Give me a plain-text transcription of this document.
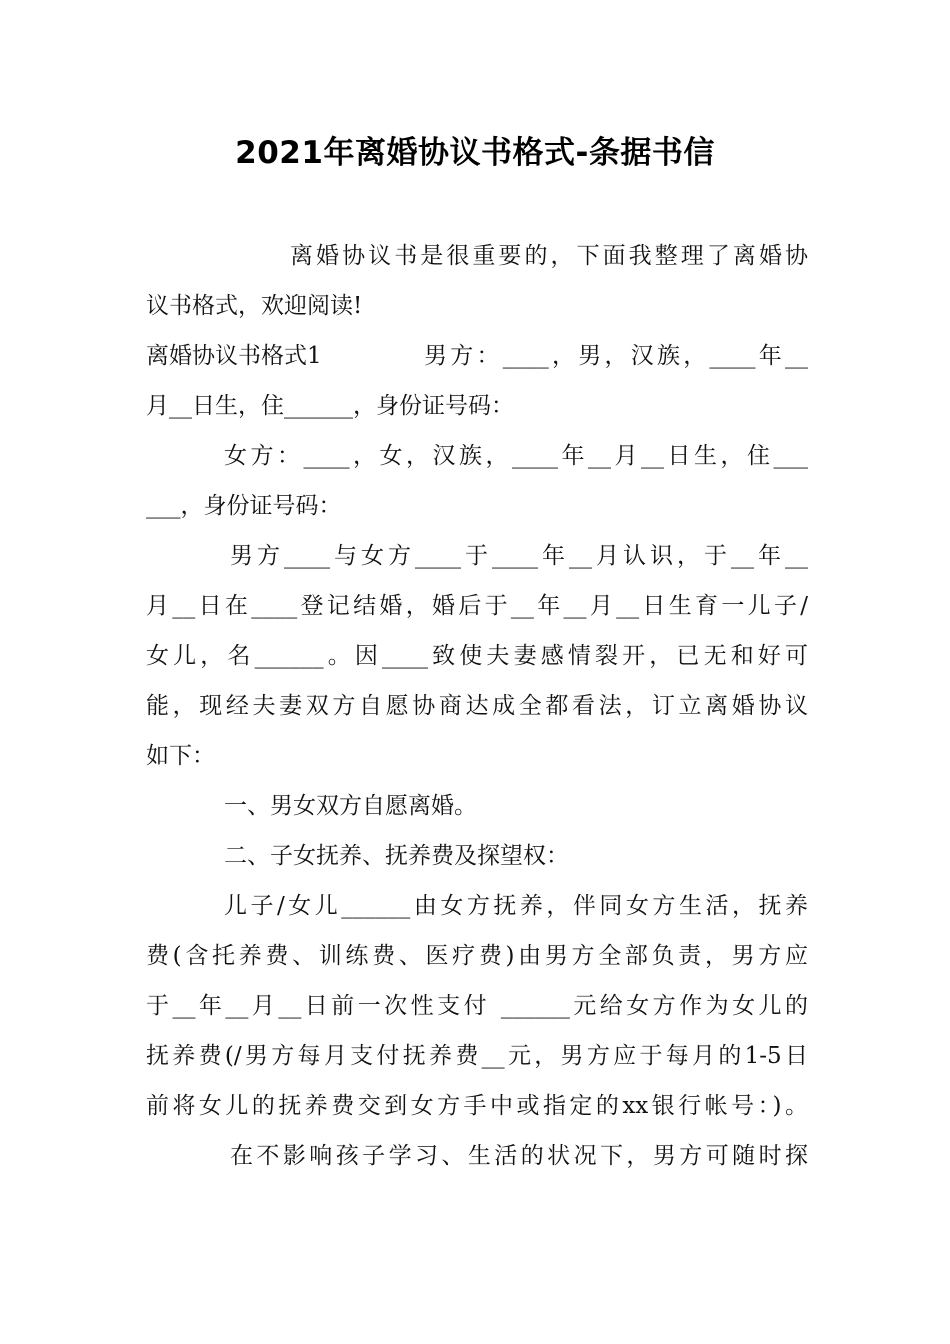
2021年离婚协议书格式-条据书信
离婚协议书是很重要的，下面我整理了离婚协
议书格式，欢迎阅读!
离婚协议书格式1	男方：____，男，汉族，____年__
月__日生，住______，身份证号码：
女方：____，女，汉族，____年__月__日生，住___
___，身份证号码：
男方____与女方____于____年__月认识，于__年__
月__日在____登记结婚，婚后于__年__月__日生育一儿子/
女儿，名______。因____致使夫妻感情裂开，已无和好可
能，现经夫妻双方自愿协商达成全都看法，订立离婚协议
如下：
一、男女双方自愿离婚。
二、子女抚养、抚养费及探望权：
儿子/女儿______由女方抚养，伴同女方生活，抚养
费(含托养费、训练费、医疗费)由男方全部负责，男方应
于__年__月__日前一次性支付 ______元给女方作为女儿的
抚养费(/男方每月支付抚养费__元，男方应于每月的1-5日
前将女儿的抚养费交到女方手中或指定的xx银行帐号：)。
在不影响孩子学习、生活的状况下，男方可随时探
